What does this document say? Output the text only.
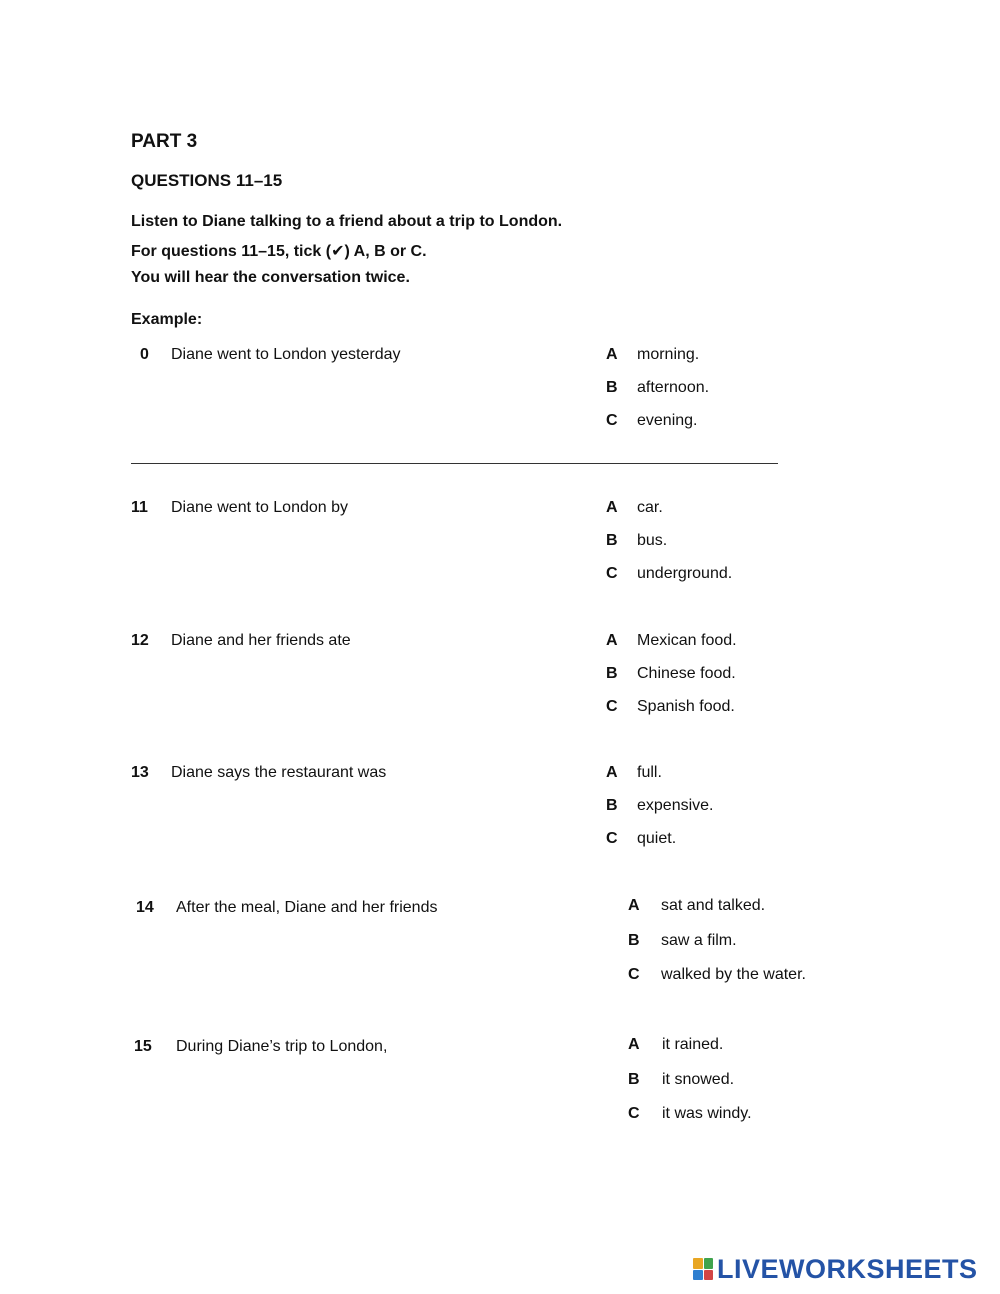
PART 3
QUESTIONS 11–15
Listen to Diane talking to a friend about a trip to London.
For questions 11–15, tick (✔) A, B or C.
You will hear the conversation twice.
Example:
0 Diane went to London yesterday	A morning.
B afternoon.
C evening.
11 Diane went to London by	A car.
B bus.
C underground.
12 Diane and her friends ate	A Mexican food.
B Chinese food.
C Spanish food.
13 Diane says the restaurant was	A full.
B expensive.
C quiet.
14 After the meal, Diane and her friends	A sat and talked.
B saw a film.
C walked by the water.
15 During Diane’s trip to London,	A it rained.
B it snowed.
C it was windy.
LIVEWORKSHEETS
